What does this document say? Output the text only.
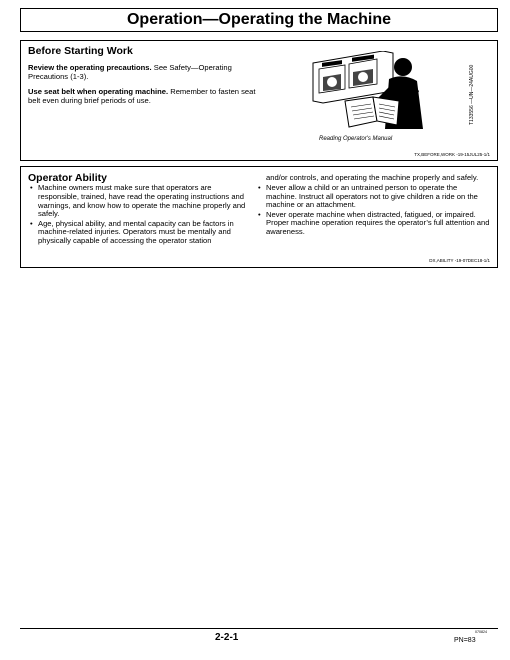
Operation—Operating the Machine
Before Starting Work
Review the operating precautions. See Safety—Operating Precautions (1-3).
Use seat belt when operating machine. Remember to fasten seat belt even during brief periods of use.	T133556 —UN—24AUG00
Reading Operator's Manual
TX,BEFORE,WORK -19-15JUL25-1/1
Operator Ability
• Machine owners must make sure that operators are responsible, trained, have read the operating instructions and warnings, and know how to operate the machine properly and safely.
• Age, physical ability, and mental capacity can be factors in machine-related injuries. Operators must be mentally and physically capable of accessing the operator station
and/or controls, and operating the machine properly and safely.
• Never allow a child or an untrained person to operate the machine. Instruct all operators not to give children a ride on the machine or an attachment.
• Never operate machine when distracted, fatigued, or impaired. Proper machine operation requires the operator’s full attention and awareness.
DX,ABILITY -19-07DEC18-1/1
2-2-1	070824
PN=83
